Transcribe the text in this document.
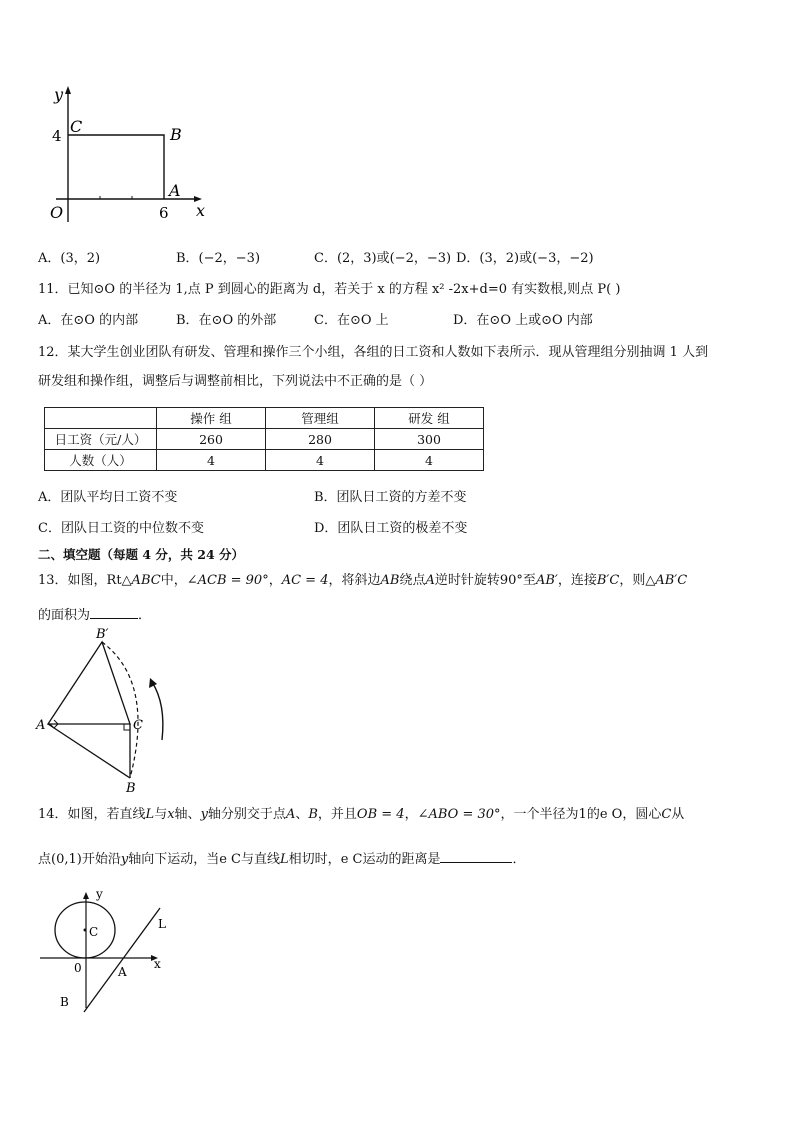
y
x
4 C	B
A
O	6
A．(3，2)	B．(−2，−3)	C．(2，3)或(−2，−3) D．(3，2)或(−3，−2)
11．已知⊙O 的半径为 1,点 P 到圆心的距离为 d，若关于 x 的方程 x² -2x+d=0 有实数根,则点 P( )
A．在⊙O 的内部	B．在⊙O 的外部	C．在⊙O 上	D．在⊙O 上或⊙O 内部
12．某大学生创业团队有研发、管理和操作三个小组，各组的日工资和人数如下表所示．现从管理组分别抽调 1 人到
研发组和操作组，调整后与调整前相比，下列说法中不正确的是（ ）
	操作 组	管理组	研发 组
日工资（元/人）	260	280	300
人数（人）	4	4	4
A．团队平均日工资不变	B．团队日工资的方差不变
C．团队日工资的中位数不变	D．团队日工资的极差不变
二、填空题（每题 4 分，共 24 分）
13．如图，Rt△ABC中，∠ACB = 90°，AC = 4，将斜边AB绕点A逆时针旋转90°至AB′，连接B′C，则△AB′C
的面积为	．
B′
A	C
B
14．如图，若直线L与x轴、y轴分别交于点A、B，并且OB = 4，∠ABO = 30°，一个半径为1的e O，圆心C从
点(0,1)开始沿y轴向下运动，当e C与直线L相切时，e C运动的距离是	．
y
x
C
L
0	A
B
